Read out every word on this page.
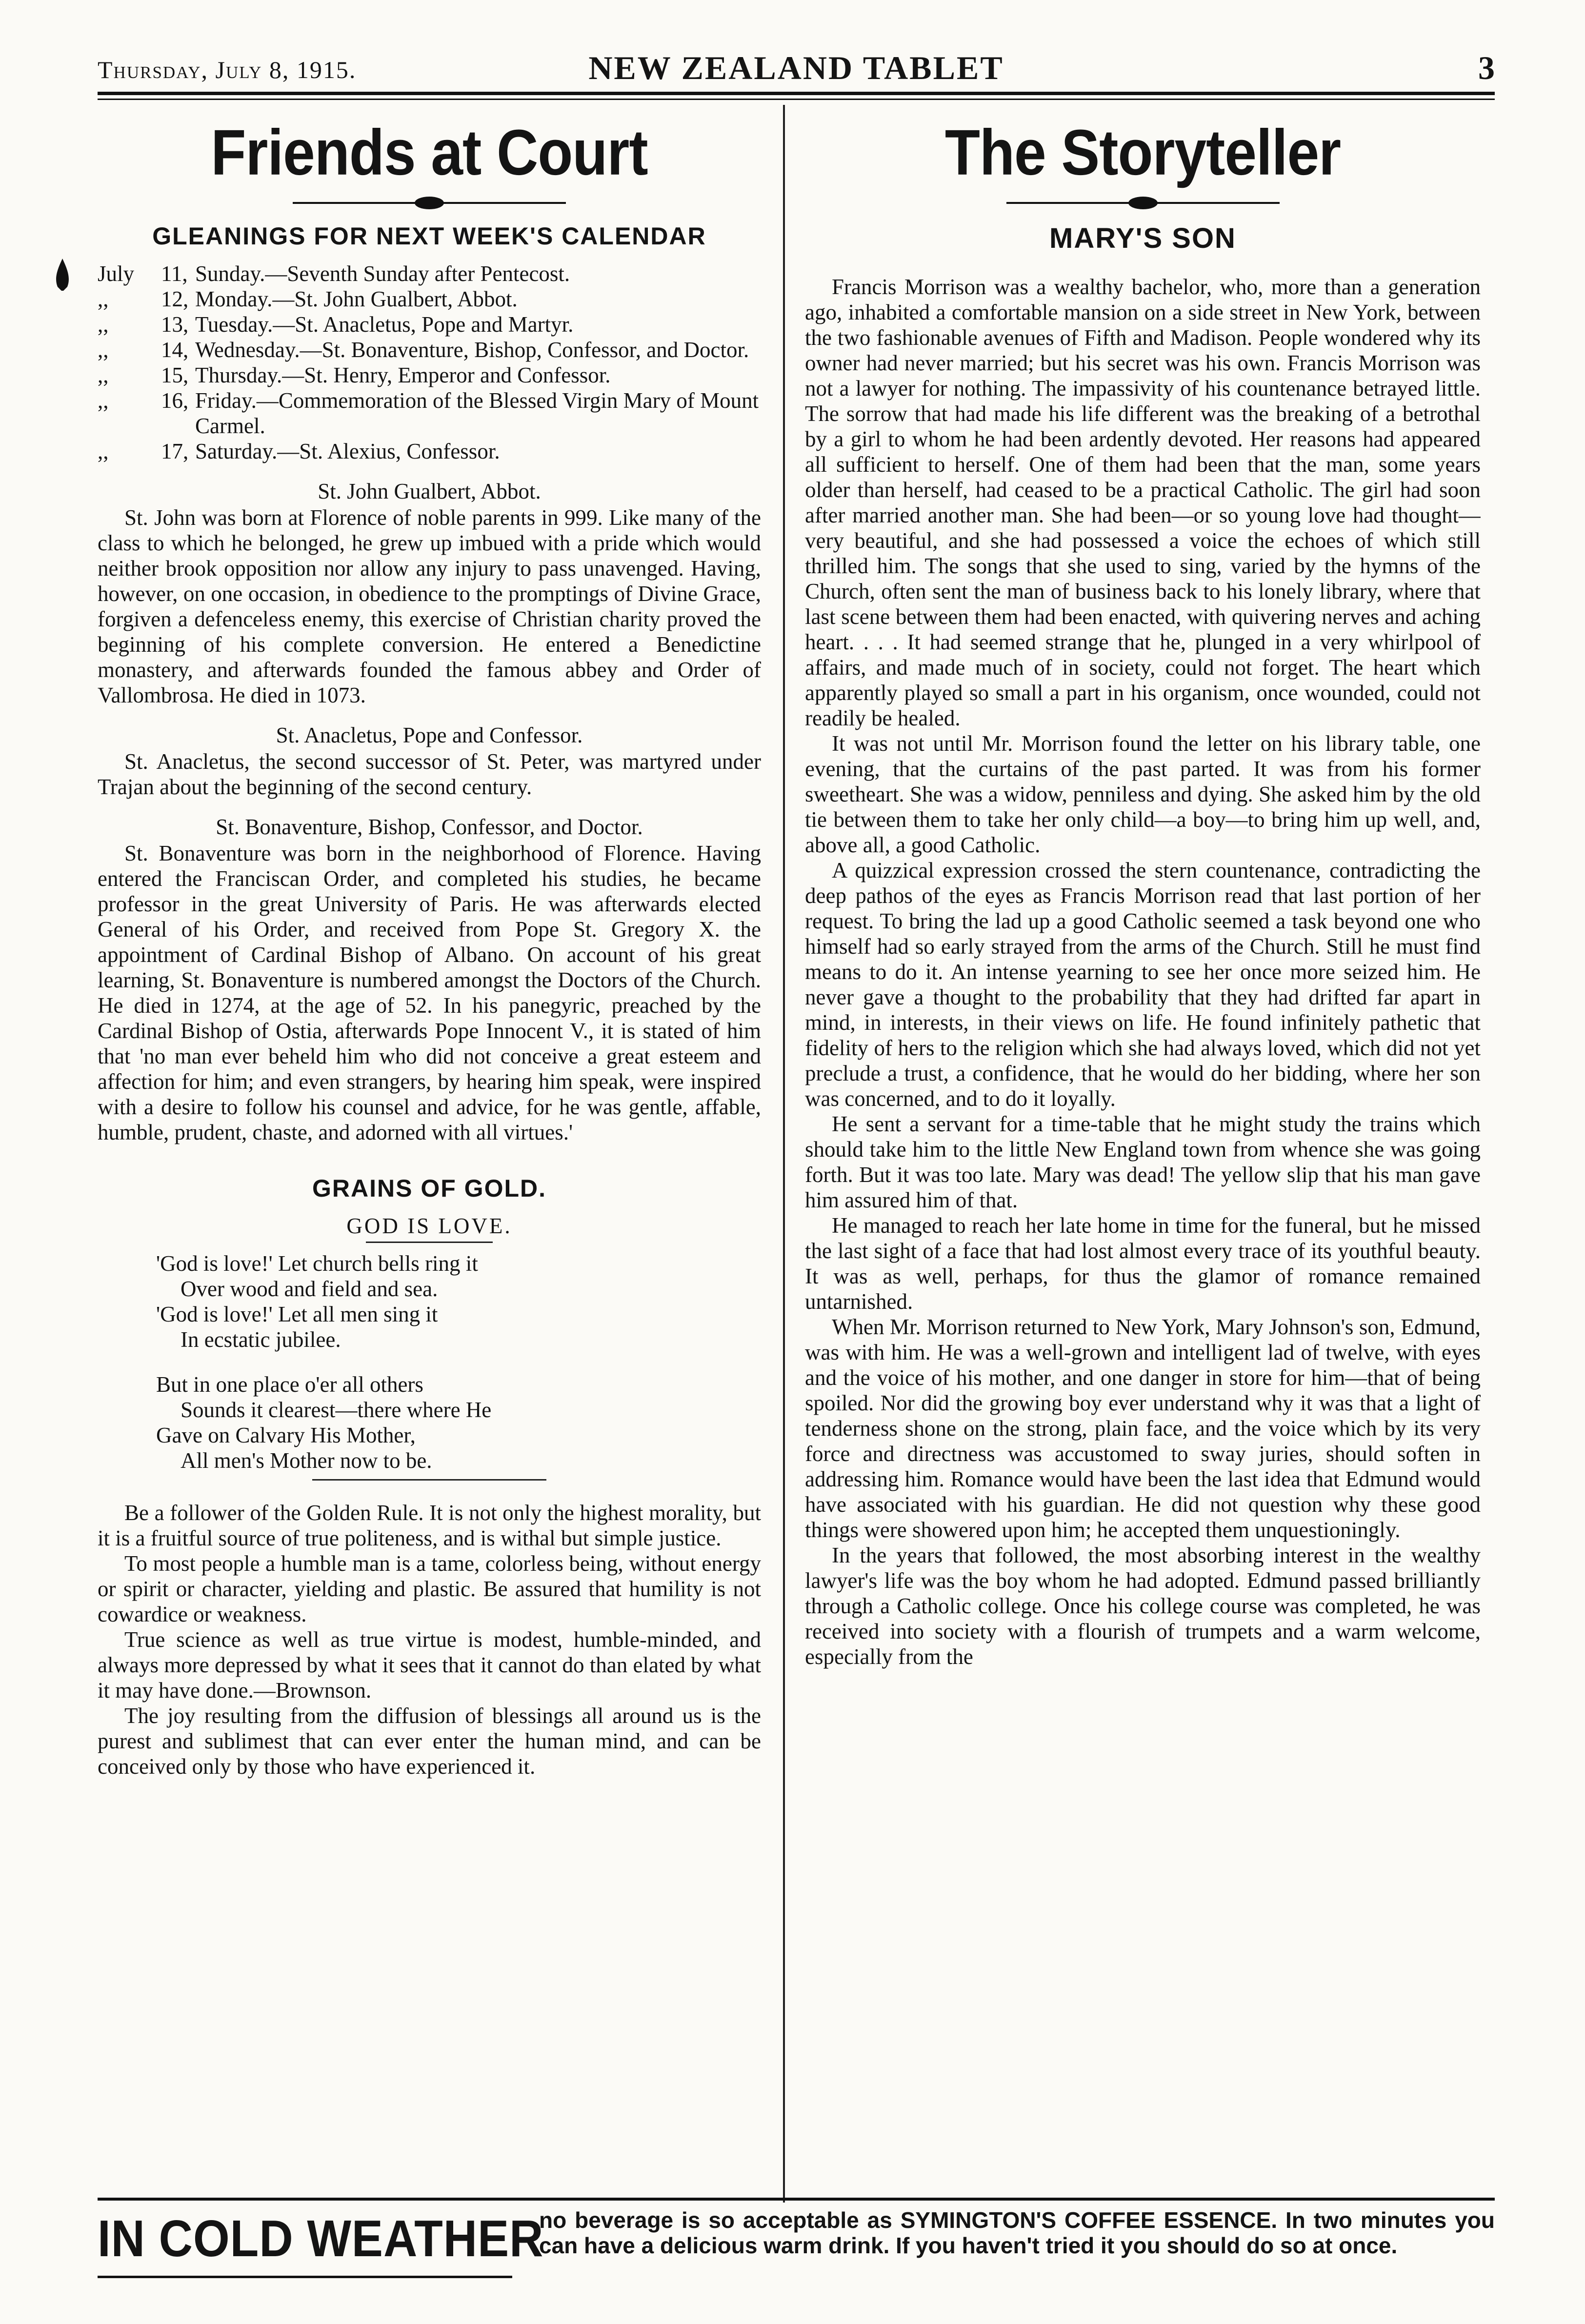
Thursday, July 8, 1915.	NEW ZEALAND TABLET	3
Friends at Court
GLEANINGS FOR NEXT WEEK'S CALENDAR
July	11, Sunday.—Seventh Sunday after Pentecost.
,,	12, Monday.—St. John Gualbert, Abbot.
,,	13, Tuesday.—St. Anacletus, Pope and Martyr.
,,	14, Wednesday.—St. Bonaventure, Bishop, Confessor, and Doctor.
,,	15, Thursday.—St. Henry, Emperor and Confessor.
,,	16, Friday.—Commemoration of the Blessed Virgin Mary of Mount Carmel.
,,	17, Saturday.—St. Alexius, Confessor.
St. John Gualbert, Abbot.

St. John was born at Florence of noble parents in 999. Like many of the class to which he belonged, he grew up imbued with a pride which would neither brook opposition nor allow any injury to pass unavenged. Having, however, on one occasion, in obedience to the promptings of Divine Grace, forgiven a defenceless enemy, this exercise of Christian charity proved the beginning of his complete conversion. He entered a Benedictine monastery, and afterwards founded the famous abbey and Order of Vallombrosa. He died in 1073.

St. Anacletus, Pope and Confessor.

St. Anacletus, the second successor of St. Peter, was martyred under Trajan about the beginning of the second century.

St. Bonaventure, Bishop, Confessor, and Doctor.

St. Bonaventure was born in the neighborhood of Florence. Having entered the Franciscan Order, and completed his studies, he became professor in the great University of Paris. He was afterwards elected General of his Order, and received from Pope St. Gregory X. the appointment of Cardinal Bishop of Albano. On account of his great learning, St. Bonaventure is numbered amongst the Doctors of the Church. He died in 1274, at the age of 52. In his panegyric, preached by the Cardinal Bishop of Ostia, afterwards Pope Innocent V., it is stated of him that 'no man ever beheld him who did not conceive a great esteem and affection for him; and even strangers, by hearing him speak, were inspired with a desire to follow his counsel and advice, for he was gentle, affable, humble, prudent, chaste, and adorned with all virtues.'

GRAINS OF GOLD.
GOD IS LOVE.
'God is love!' Let church bells ring it
Over wood and field and sea.
'God is love!' Let all men sing it
In ecstatic jubilee.
But in one place o'er all others
Sounds it clearest—there where He
Gave on Calvary His Mother,
All men's Mother now to be.

Be a follower of the Golden Rule. It is not only the highest morality, but it is a fruitful source of true politeness, and is withal but simple justice.

To most people a humble man is a tame, colorless being, without energy or spirit or character, yielding and plastic. Be assured that humility is not cowardice or weakness.

True science as well as true virtue is modest, humble-minded, and always more depressed by what it sees that it cannot do than elated by what it may have done.—Brownson.

The joy resulting from the diffusion of blessings all around us is the purest and sublimest that can ever enter the human mind, and can be conceived only by those who have experienced it.

The Storyteller
MARY'S SON

Francis Morrison was a wealthy bachelor, who, more than a generation ago, inhabited a comfortable mansion on a side street in New York, between the two fashionable avenues of Fifth and Madison. People wondered why its owner had never married; but his secret was his own. Francis Morrison was not a lawyer for nothing. The impassivity of his countenance betrayed little. The sorrow that had made his life different was the breaking of a betrothal by a girl to whom he had been ardently devoted. Her reasons had appeared all sufficient to herself. One of them had been that the man, some years older than herself, had ceased to be a practical Catholic. The girl had soon after married another man. She had been—or so young love had thought—very beautiful, and she had possessed a voice the echoes of which still thrilled him. The songs that she used to sing, varied by the hymns of the Church, often sent the man of business back to his lonely library, where that last scene between them had been enacted, with quivering nerves and aching heart. . . . It had seemed strange that he, plunged in a very whirlpool of affairs, and made much of in society, could not forget. The heart which apparently played so small a part in his organism, once wounded, could not readily be healed.

It was not until Mr. Morrison found the letter on his library table, one evening, that the curtains of the past parted. It was from his former sweetheart. She was a widow, penniless and dying. She asked him by the old tie between them to take her only child—a boy—to bring him up well, and, above all, a good Catholic.

A quizzical expression crossed the stern countenance, contradicting the deep pathos of the eyes as Francis Morrison read that last portion of her request. To bring the lad up a good Catholic seemed a task beyond one who himself had so early strayed from the arms of the Church. Still he must find means to do it. An intense yearning to see her once more seized him. He never gave a thought to the probability that they had drifted far apart in mind, in interests, in their views on life. He found infinitely pathetic that fidelity of hers to the religion which she had always loved, which did not yet preclude a trust, a confidence, that he would do her bidding, where her son was concerned, and to do it loyally.

He sent a servant for a time-table that he might study the trains which should take him to the little New England town from whence she was going forth. But it was too late. Mary was dead! The yellow slip that his man gave him assured him of that.

He managed to reach her late home in time for the funeral, but he missed the last sight of a face that had lost almost every trace of its youthful beauty. It was as well, perhaps, for thus the glamor of romance remained untarnished.

When Mr. Morrison returned to New York, Mary Johnson's son, Edmund, was with him. He was a well-grown and intelligent lad of twelve, with eyes and the voice of his mother, and one danger in store for him—that of being spoiled. Nor did the growing boy ever understand why it was that a light of tenderness shone on the strong, plain face, and the voice which by its very force and directness was accustomed to sway juries, should soften in addressing him. Romance would have been the last idea that Edmund would have associated with his guardian. He did not question why these good things were showered upon him; he accepted them unquestioningly.

In the years that followed, the most absorbing interest in the wealthy lawyer's life was the boy whom he had adopted. Edmund passed brilliantly through a Catholic college. Once his college course was completed, he was received into society with a flourish of trumpets and a warm welcome, especially from the

IN COLD WEATHER
no beverage is so acceptable as SYMINGTON'S COFFEE ESSENCE. In two minutes you can have a delicious warm drink. If you haven't tried it you should do so at once.
